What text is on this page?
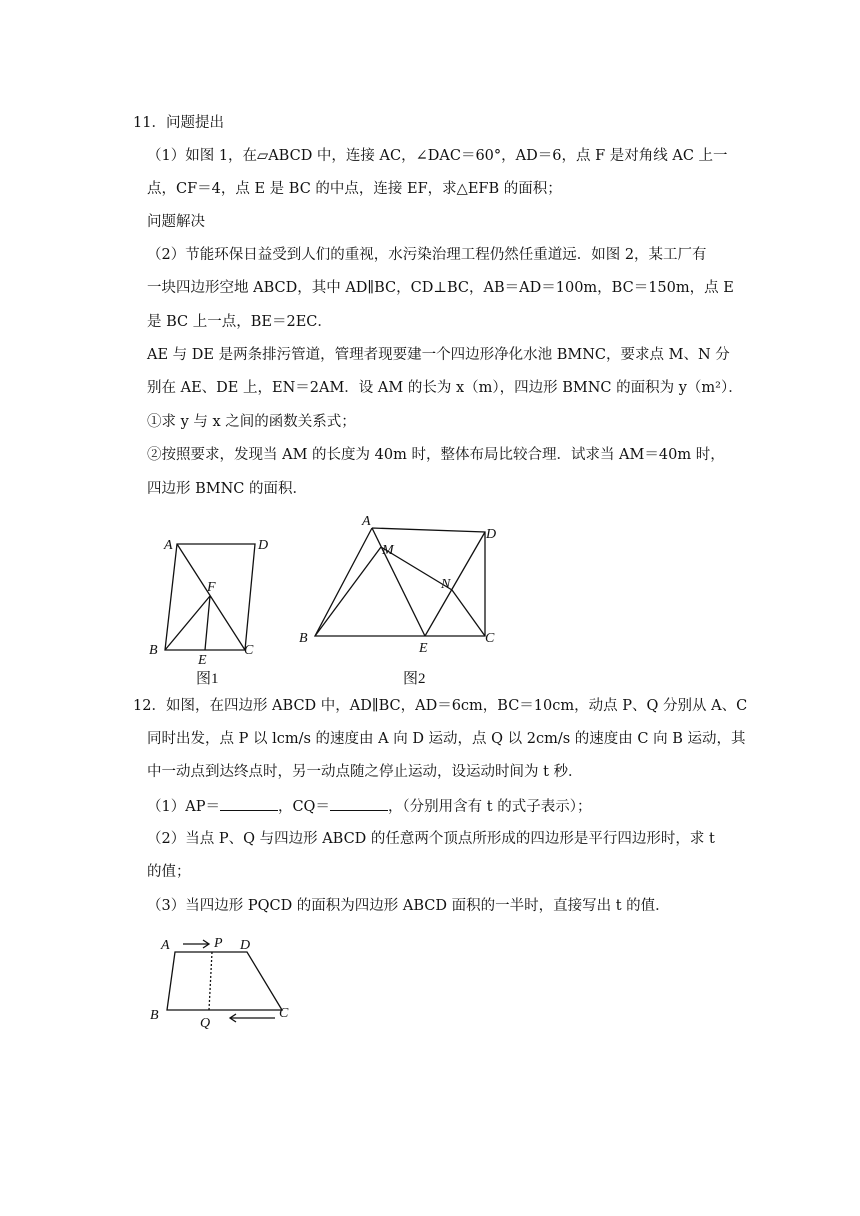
11．问题提出
（1）如图 1，在▱ABCD 中，连接 AC，∠DAC＝60°，AD＝6，点 F 是对角线 AC 上一
点，CF＝4，点 E 是 BC 的中点，连接 EF，求△EFB 的面积；
问题解决
（2）节能环保日益受到人们的重视，水污染治理工程仍然任重道远．如图 2，某工厂有
一块四边形空地 ABCD，其中 AD∥BC，CD⊥BC，AB＝AD＝100m，BC＝150m，点 E
是 BC 上一点，BE＝2EC．
AE 与 DE 是两条排污管道，管理者现要建一个四边形净化水池 BMNC，要求点 M、N 分
别在 AE、DE 上，EN＝2AM．设 AM 的长为 x（m），四边形 BMNC 的面积为 y（m²）．
①求 y 与 x 之间的函数关系式；
②按照要求，发现当 AM 的长度为 40m 时，整体布局比较合理．试求当 AM＝40m 时，
四边形 BMNC 的面积．
A	D
F
B
E
C
图1
A
D
M
N
B
E
C
图2
12．如图，在四边形 ABCD 中，AD∥BC，AD＝6cm，BC＝10cm，动点 P、Q 分别从 A、C
同时出发，点 P 以 lcm/s 的速度由 A 向 D 运动，点 Q 以 2cm/s 的速度由 C 向 B 运动，其
中一动点到达终点时，另一动点随之停止运动，设运动时间为 t 秒．
（1）AP＝	，CQ＝	，（分别用含有 t 的式子表示）；
（2）当点 P、Q 与四边形 ABCD 的任意两个顶点所形成的四边形是平行四边形时，求 t
的值；
（3）当四边形 PQCD 的面积为四边形 ABCD 面积的一半时，直接写出 t 的值．
A	P D
B
Q
C
